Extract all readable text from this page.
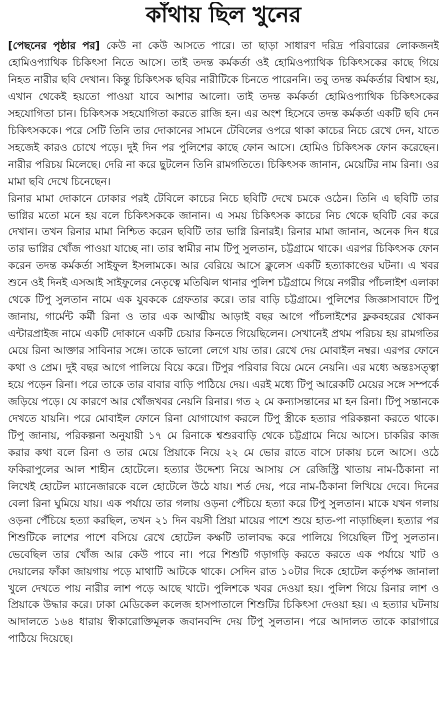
কাঁথায় ছিল খুনের

[পেছনের পৃষ্ঠার পর] কেউ না কেউ আসতে পারে। তা ছাড়া সাধারণ দরিদ্র পরিবারের লোকজনই হোমিওপ্যাথিক চিকিৎসা নিতে আসে। তাই তদন্ত কর্মকর্তা ওই হোমিওপ্যাথিক চিকিৎসকের কাছে গিয়ে নিহত নারীর ছবি দেখান। কিন্তু চিকিৎসক ছবির নারীটিকে চিনতে পারেননি। তবু তদন্ত কর্মকর্তার বিশ্বাস হয়, এখান থেকেই হয়তো পাওয়া যাবে আশার আলো। তাই তদন্ত কর্মকর্তা হোমিওপ্যাথিক চিকিৎসকের সহযোগিতা চান। চিকিৎসক সহযোগিতা করতে রাজি হন। এর অংশ হিসেবে তদন্ত কর্মকর্তা একটি ছবি দেন চিকিৎসককে। পরে সেটি তিনি তার দোকানের সামনে টেবিলের ওপরে থাকা কাচের নিচে রেখে দেন, যাতে সহজেই কারও চোখে পড়ে। দুই দিন পর পুলিশের কাছে ফোন আসে। হোমিও চিকিৎসক ফোন করেছেন। নারীর পরিচয় মিলেছে। দেরি না করে ছুটলেন তিনি রামগতিতে। চিকিৎসক জানান, মেয়েটির নাম রিনা। ওর মামা ছবি দেখে চিনেছেন।

রিনার মামা দোকানে ঢোকার পরই টেবিলে কাচের নিচে ছবিটি দেখে চমকে ওঠেন। তিনি এ ছবিটি তার ভাগ্নির মতো মনে হয় বলে চিকিৎসককে জানান। এ সময় চিকিৎসক কাচের নিচ থেকে ছবিটি বের করে দেখান। তখন রিনার মামা নিশ্চিত করেন ছবিটি তার ভাগ্নি রিনারই। রিনার মামা জানান, অনেক দিন ধরে তার ভাগ্নির খোঁজ পাওয়া যাচ্ছে না। তার স্বামীর নাম টিপু সুলতান, চট্টগ্রামে থাকে। এরপর চিকিৎসক ফোন করেন তদন্ত কর্মকর্তা সাইফুল ইসলামকে। আর বেরিয়ে আসে ক্লুলেস একটি হত্যাকাণ্ডের ঘটনা। এ খবর শুনে ওই দিনই এসআই সাইফুলের নেতৃত্বে মতিঝিল থানার পুলিশ চট্টগ্রামে গিয়ে নগরীর পাঁচলাইশ এলাকা থেকে টিপু সুলতান নামে এক যুবককে গ্রেফতার করে। তার বাড়ি চট্টগ্রামে। পুলিশের জিজ্ঞাসাবাদে টিপু জানায়, গার্মেন্ট কর্মী রিনা ও তার এক আত্মীয় আড়াই বছর আগে পাঁচলাইশের ফ্লকবহরের খোকন এন্টারপ্রাইজ নামে একটি দোকানে একটি চেয়ার কিনতে গিয়েছিলেন। সেখানেই প্রথম পরিচয় হয় রামগতির মেয়ে রিনা আক্তার সাবিনার সঙ্গে। তাকে ভালো লেগে যায় তার। রেখে দেয় মোবাইল নম্বর। এরপর ফোনে কথা ও প্রেম। দুই বছর আগে পালিয়ে বিয়ে করে। টিপুর পরিবার বিয়ে মেনে নেয়নি। এর মধ্যে অন্তঃসত্ত্বা হয়ে পড়েন রিনা। পরে তাকে তার বাবার বাড়ি পাঠিয়ে দেয়। এরই মধ্যে টিপু আরেকটি মেয়ের সঙ্গে সম্পর্কে জড়িয়ে পড়ে। যে কারণে আর খোঁজখবর নেয়নি রিনার। গত ২ মে কন্যাসন্তানের মা হন রিনা। টিপু সন্তানকে দেখতে যায়নি। পরে মোবাইল ফোনে রিনা যোগাযোগ করলে টিপু স্ত্রীকে হত্যার পরিকল্পনা করতে থাকে। টিপু জানায়, পরিকল্পনা অনুযায়ী ১৭ মে রিনাকে শ্বশুরবাড়ি থেকে চট্টগ্রামে নিয়ে আসে। চাকরির কাজ করার কথা বলে রিনা ও তার মেয়ে প্রিয়াকে নিয়ে ২২ মে ভোর রাতে বাসে ঢাকায় চলে আসে। ওঠে ফকিরাপুলের আল শাহীন হোটেলে। হত্যার উদ্দেশ্য নিয়ে আসায় সে রেজিস্ট্রি খাতায় নাম-ঠিকানা না লিখেই হোটেল ম্যানেজারকে বলে হোটেলে উঠে যায়। শর্ত দেয়, পরে নাম-ঠিকানা লিখিয়ে দেবে। দিনের বেলা রিনা ঘুমিয়ে যায়। এক পর্যায়ে তার গলায় ওড়না পেঁচিয়ে হত্যা করে টিপু সুলতান। মাকে যখন গলায় ওড়না পেঁচিয়ে হত্যা করছিল, তখন ২১ দিন বয়সী প্রিয়া মায়ের পাশে শুয়ে হাত-পা নাড়াচ্ছিল। হত্যার পর শিশুটিকে লাশের পাশে বসিয়ে রেখে হোটেল কক্ষটি তালাবদ্ধ করে পালিয়ে গিয়েছিল টিপু সুলতান। ভেবেছিল তার খোঁজ আর কেউ পাবে না। পরে শিশুটি গড়াগড়ি করতে করতে এক পর্যায়ে খাট ও দেয়ালের ফাঁকা জায়গায় পড়ে মাথাটি আটকে থাকে। সেদিন রাত ১০টার দিকে হোটেল কর্তৃপক্ষ জানালা খুলে দেখতে পায় নারীর লাশ পড়ে আছে খাটে। পুলিশকে খবর দেওয়া হয়। পুলিশ গিয়ে রিনার লাশ ও প্রিয়াকে উদ্ধার করে। ঢাকা মেডিকেল কলেজ হাসপাতালে শিশুটির চিকিৎসা দেওয়া হয়। এ হত্যার ঘটনায় আদালতে ১৬৪ ধারায় স্বীকারোক্তিমূলক জবানবন্দি দেয় টিপু সুলতান। পরে আদালত তাকে কারাগারে পাঠিয়ে দিয়েছে।
